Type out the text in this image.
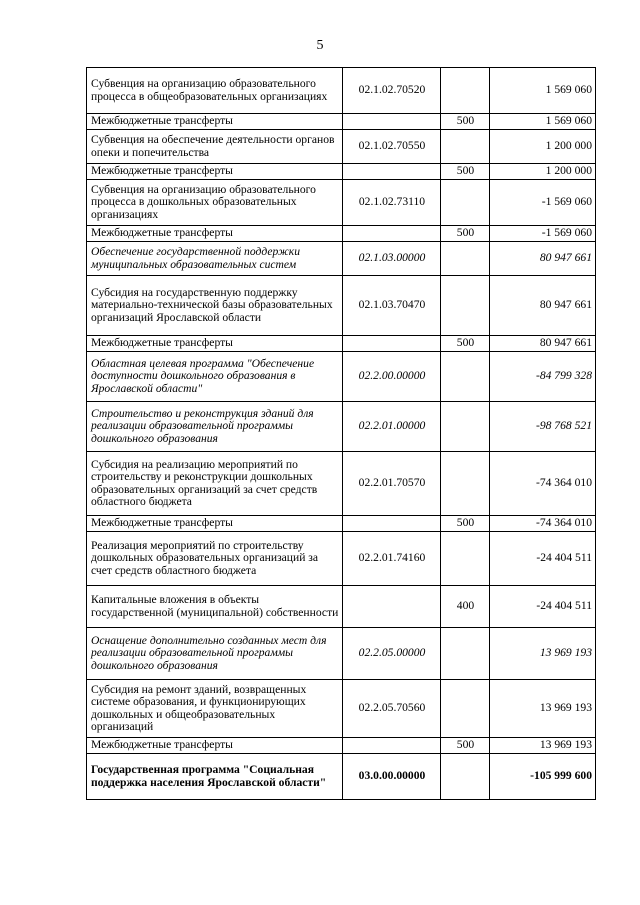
5
Субвенция на организацию образовательного процесса в общеобразовательных организациях	02.1.02.70520		1 569 060
Межбюджетные трансферты		500	1 569 060
Субвенция на обеспечение деятельности органов опеки и попечительства	02.1.02.70550		1 200 000
Межбюджетные трансферты		500	1 200 000
Субвенция на организацию образовательного процесса в дошкольных образовательных организациях	02.1.02.73110		-1 569 060
Межбюджетные трансферты		500	-1 569 060
Обеспечение государственной поддержки муниципальных образовательных систем	02.1.03.00000		80 947 661
Субсидия на государственную поддержку материально-технической базы образовательных организаций Ярославской области	02.1.03.70470		80 947 661
Межбюджетные трансферты		500	80 947 661
Областная целевая программа "Обеспечение доступности дошкольного образования в Ярославской области"	02.2.00.00000		-84 799 328
Строительство и реконструкция зданий для реализации образовательной программы дошкольного образования	02.2.01.00000		-98 768 521
Субсидия на реализацию мероприятий по строительству и реконструкции дошкольных образовательных организаций за счет средств областного бюджета	02.2.01.70570		-74 364 010
Межбюджетные трансферты		500	-74 364 010
Реализация мероприятий по строительству дошкольных образовательных организаций за счет средств областного бюджета	02.2.01.74160		-24 404 511
Капитальные вложения в объекты государственной (муниципальной) собственности		400	-24 404 511
Оснащение дополнительно созданных мест для реализации образовательной программы дошкольного образования	02.2.05.00000		13 969 193
Субсидия на ремонт зданий, возвращенных системе образования, и функционирующих дошкольных и общеобразовательных организаций	02.2.05.70560		13 969 193
Межбюджетные трансферты		500	13 969 193
Государственная программа "Социальная поддержка населения Ярославской области"	03.0.00.00000		-105 999 600
